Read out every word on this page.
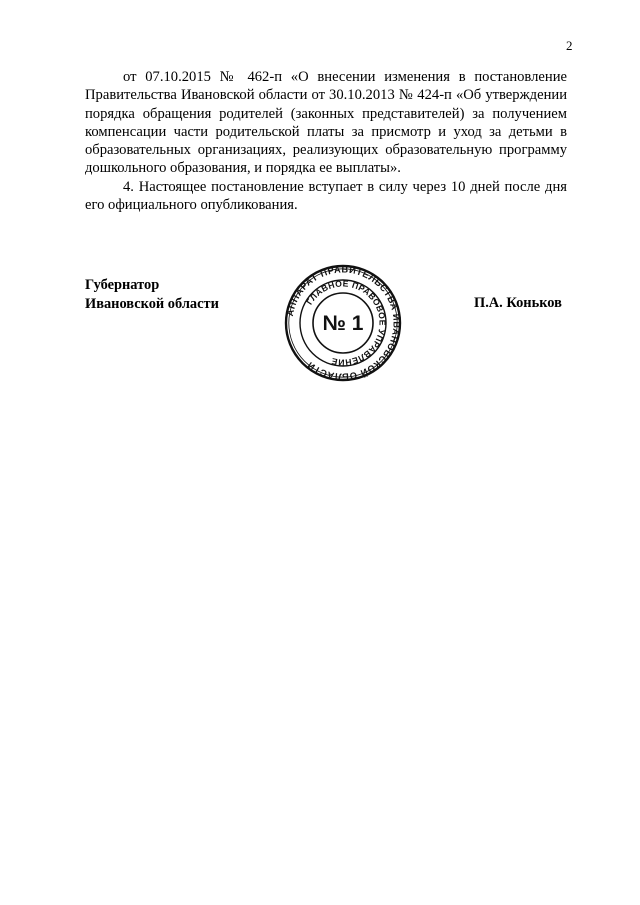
2

от 07.10.2015 № 462-п «О внесении изменения в постановление Правительства Ивановской области от 30.10.2013 № 424-п «Об утверждении порядка обращения родителей (законных представителей) за получением компенсации части родительской платы за присмотр и уход за детьми в образовательных организациях, реализующих образовательную программу дошкольного образования, и порядка ее выплаты».

4. Настоящее постановление вступает в силу через 10 дней после дня его официального опубликования.

Губернатор
Ивановской области	П.А. Коньков
АППАРАТ ПРАВИТЕЛЬСТВА ИВАНОВСКОЙ ОБЛАСТИ
ГЛАВНОЕ ПРАВОВОЕ УПРАВЛЕНИЕ
№ 1
